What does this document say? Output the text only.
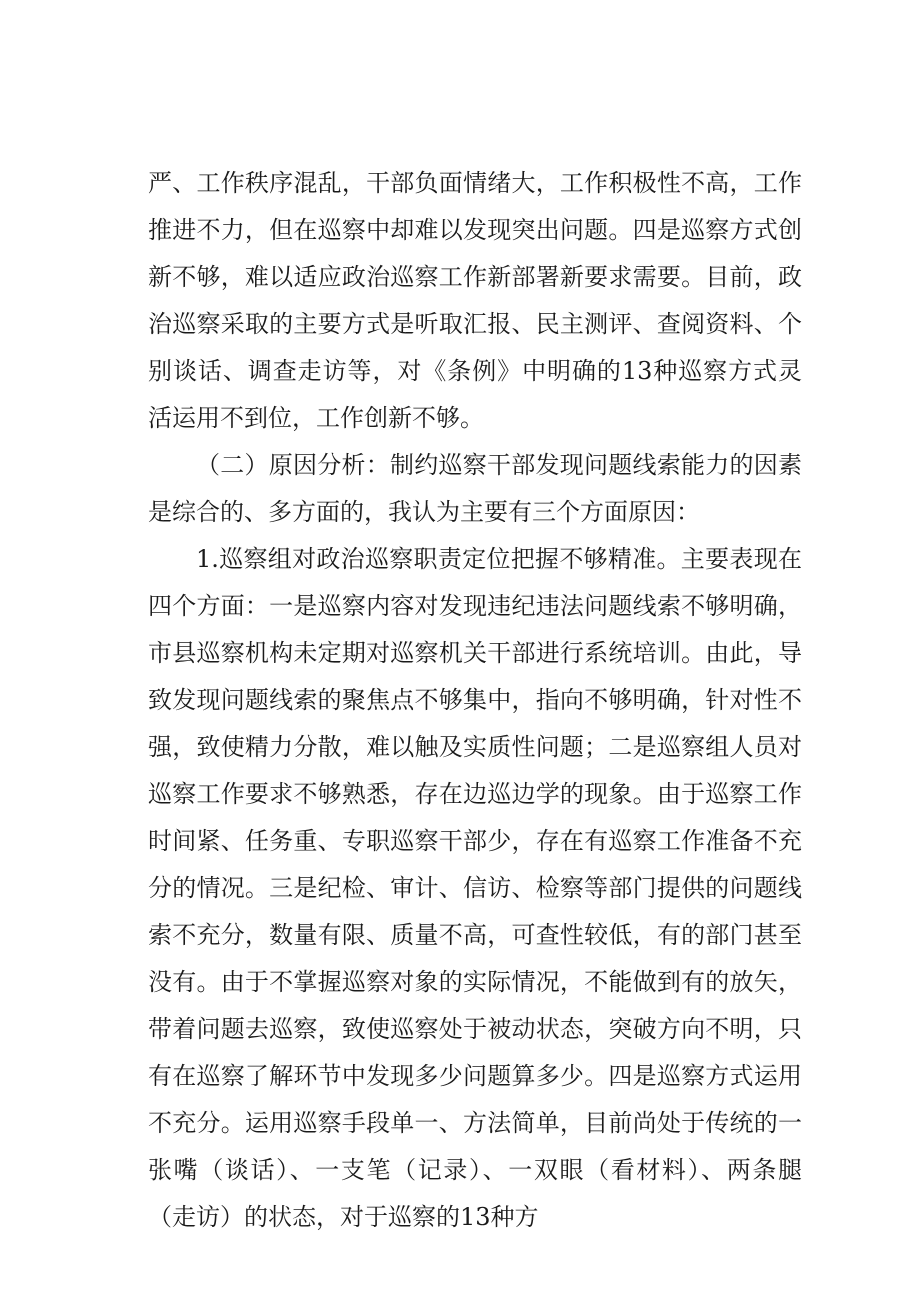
严、工作秩序混乱，干部负面情绪大，工作积极性不高，工作推进不力，但在巡察中却难以发现突出问题。四是巡察方式创新不够，难以适应政治巡察工作新部署新要求需要。目前，政治巡察采取的主要方式是听取汇报、民主测评、查阅资料、个别谈话、调查走访等，对《条例》中明确的13种巡察方式灵活运用不到位，工作创新不够。

（二）原因分析：制约巡察干部发现问题线索能力的因素是综合的、多方面的，我认为主要有三个方面原因：

1.巡察组对政治巡察职责定位把握不够精准。主要表现在四个方面：一是巡察内容对发现违纪违法问题线索不够明确，市县巡察机构未定期对巡察机关干部进行系统培训。由此，导致发现问题线索的聚焦点不够集中，指向不够明确，针对性不强，致使精力分散，难以触及实质性问题；二是巡察组人员对巡察工作要求不够熟悉，存在边巡边学的现象。由于巡察工作时间紧、任务重、专职巡察干部少，存在有巡察工作准备不充分的情况。三是纪检、审计、信访、检察等部门提供的问题线索不充分，数量有限、质量不高，可查性较低，有的部门甚至没有。由于不掌握巡察对象的实际情况，不能做到有的放矢，带着问题去巡察，致使巡察处于被动状态，突破方向不明，只有在巡察了解环节中发现多少问题算多少。四是巡察方式运用不充分。运用巡察手段单一、方法简单，目前尚处于传统的一张嘴（谈话）、一支笔（记录）、一双眼（看材料）、两条腿（走访）的状态，对于巡察的13种方
